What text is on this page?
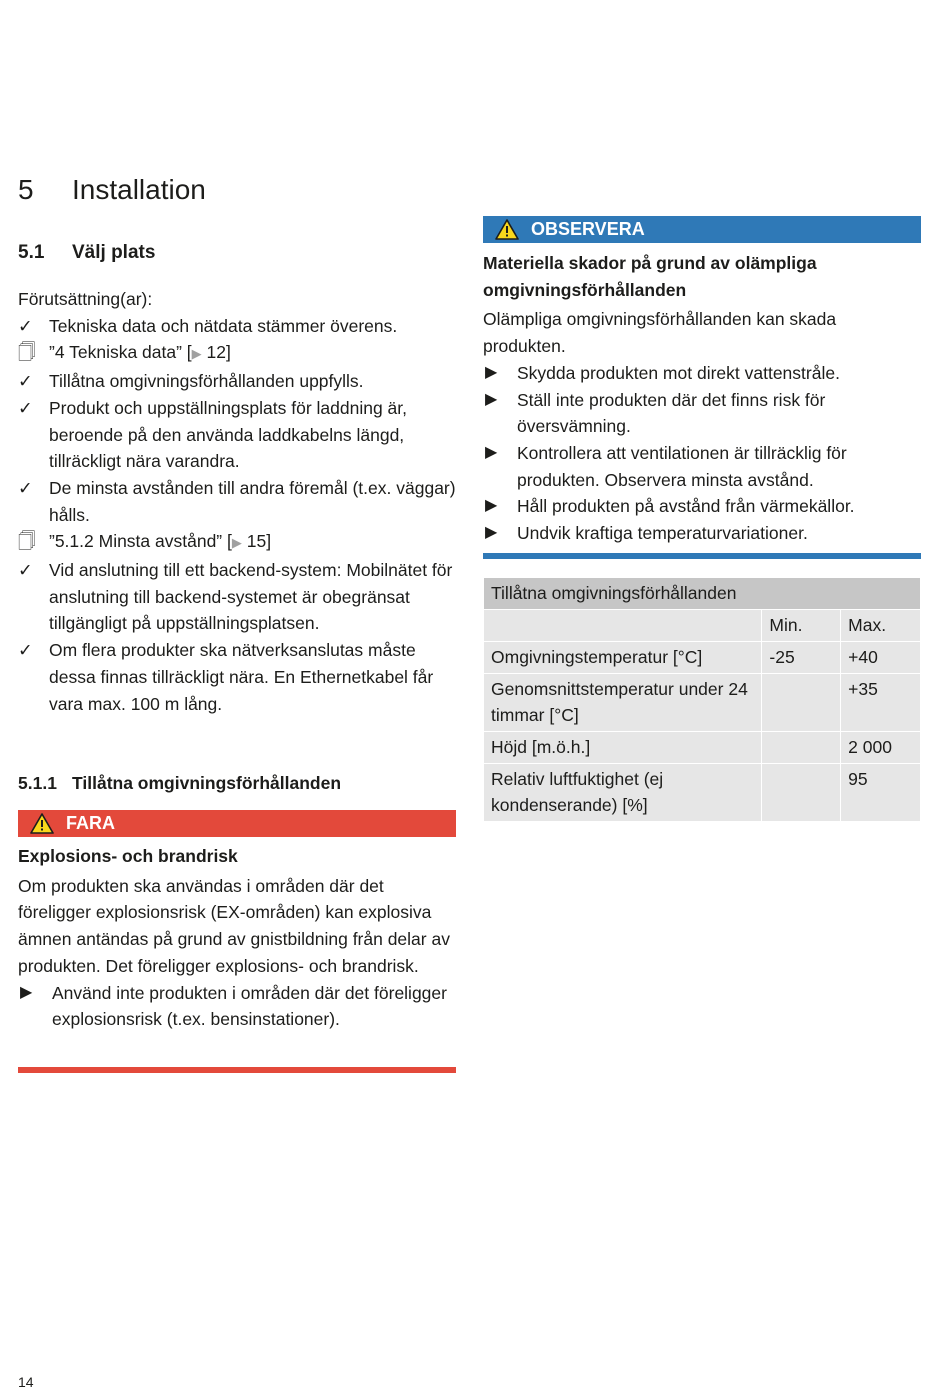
5 Installation
5.1 Välj plats
Förutsättning(ar):
✓ Tekniska data och nätdata stämmer överens.
🗍 ”4 Tekniska data” [▶ 12]
✓ Tillåtna omgivningsförhållanden uppfylls.
✓ Produkt och uppställningsplats för laddning är, beroende på den använda laddkabelns längd, tillräckligt nära varandra.
✓ De minsta avstånden till andra föremål (t.ex. väggar) hålls.
🗍 ”5.1.2 Minsta avstånd” [▶ 15]
✓ Vid anslutning till ett backend-system: Mobilnätet för anslutning till backend-systemet är obegränsat tillgängligt på uppställningsplatsen.
✓ Om flera produkter ska nätverksanslutas måste dessa finnas tillräckligt nära. En Ethernetkabel får vara max. 100 m lång.
5.1.1 Tillåtna omgivningsförhållanden
FARA
Explosions- och brandrisk
Om produkten ska användas i områden där det föreligger explosionsrisk (EX-områden) kan explosiva ämnen antändas på grund av gnistbildning från delar av produkten. Det föreligger explosions- och brandrisk.
▶ Använd inte produkten i områden där det föreligger explosionsrisk (t.ex. bensinstationer).
OBSERVERA
Materiella skador på grund av olämpliga omgivningsförhållanden
Olämpliga omgivningsförhållanden kan skada produkten.
▶ Skydda produkten mot direkt vattenstråle.
▶ Ställ inte produkten där det finns risk för översvämning.
▶ Kontrollera att ventilationen är tillräcklig för produkten. Observera minsta avstånd.
▶ Håll produkten på avstånd från värmekällor.
▶ Undvik kraftiga temperaturvariationer.
Tillåtna omgivningsförhållanden		
	Min.	Max.
Omgivningstemperatur [°C]	-25	+40
Genomsnittstemperatur under 24 timmar [°C]		+35
Höjd [m.ö.h.]		2 000
Relativ luftfuktighet (ej kondenserande) [%]		95
14
